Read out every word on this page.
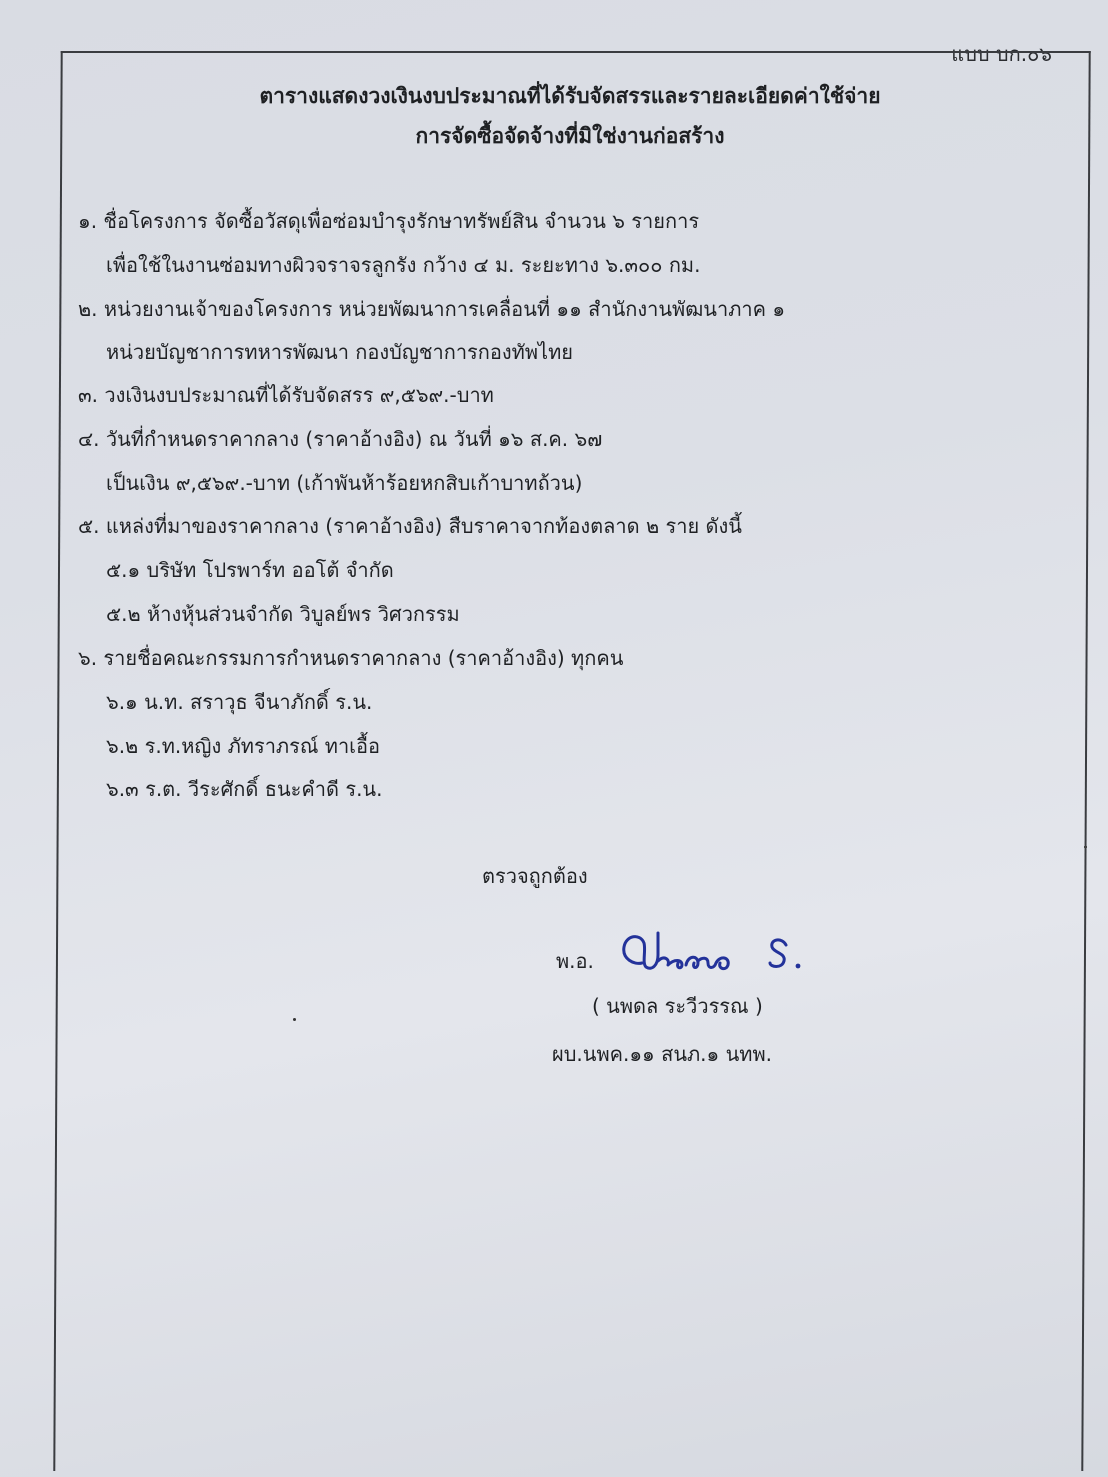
แบบ บก.๐๖
ตารางแสดงวงเงินงบประมาณที่ได้รับจัดสรรและรายละเอียดค่าใช้จ่าย
การจัดซื้อจัดจ้างที่มิใช่งานก่อสร้าง
๑. ชื่อโครงการ จัดซื้อวัสดุเพื่อซ่อมบำรุงรักษาทรัพย์สิน จำนวน ๖ รายการ
เพื่อใช้ในงานซ่อมทางผิวจราจรลูกรัง กว้าง ๔ ม. ระยะทาง ๖.๓๐๐ กม.
๒. หน่วยงานเจ้าของโครงการ หน่วยพัฒนาการเคลื่อนที่ ๑๑ สำนักงานพัฒนาภาค ๑
หน่วยบัญชาการทหารพัฒนา กองบัญชาการกองทัพไทย
๓. วงเงินงบประมาณที่ได้รับจัดสรร ๙,๕๖๙.-บาท
๔. วันที่กำหนดราคากลาง (ราคาอ้างอิง) ณ วันที่ ๑๖ ส.ค. ๖๗
เป็นเงิน ๙,๕๖๙.-บาท (เก้าพันห้าร้อยหกสิบเก้าบาทถ้วน)
๕. แหล่งที่มาของราคากลาง (ราคาอ้างอิง) สืบราคาจากท้องตลาด ๒ ราย ดังนี้
๕.๑ บริษัท โปรพาร์ท ออโต้ จำกัด
๕.๒ ห้างหุ้นส่วนจำกัด วิบูลย์พร วิศวกรรม
๖. รายชื่อคณะกรรมการกำหนดราคากลาง (ราคาอ้างอิง) ทุกคน
๖.๑ น.ท. สราวุธ จีนาภักดิ์ ร.น.
๖.๒ ร.ท.หญิง ภัทราภรณ์ ทาเอื้อ
๖.๓ ร.ต. วีระศักดิ์ ธนะคำดี ร.น.
ตรวจถูกต้อง
พ.อ.
( นพดล ระวีวรรณ )
ผบ.นพค.๑๑ สนภ.๑ นทพ.
